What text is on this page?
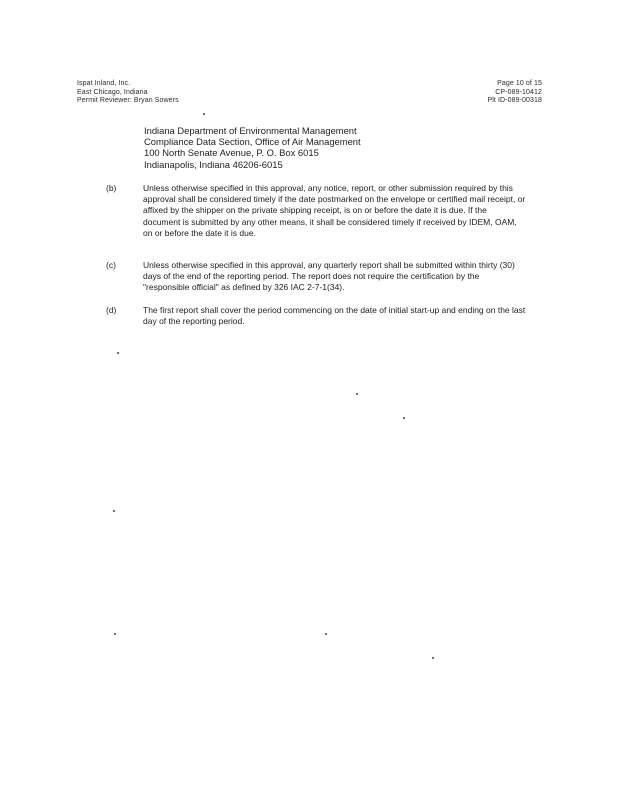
Ispat Inland, Inc.
East Chicago, Indiana
Permit Reviewer: Bryan Sowers
Page 10 of 15
CP-089-10412
Plt ID-089-00318
Indiana Department of Environmental Management
Compliance Data Section, Office of Air Management
100 North Senate Avenue, P. O. Box 6015
Indianapolis, Indiana 46206-6015
(b)	Unless otherwise specified in this approval, any notice, report, or other submission required by this approval shall be considered timely if the date postmarked on the envelope or certified mail receipt, or affixed by the shipper on the private shipping receipt, is on or before the date it is due. If the document is submitted by any other means, it shall be considered timely if received by IDEM, OAM, on or before the date it is due.
(c)	Unless otherwise specified in this approval, any quarterly report shall be submitted within thirty (30) days of the end of the reporting period. The report does not require the certification by the "responsible official" as defined by 326 IAC 2-7-1(34).
(d)	The first report shall cover the period commencing on the date of initial start-up and ending on the last day of the reporting period.
